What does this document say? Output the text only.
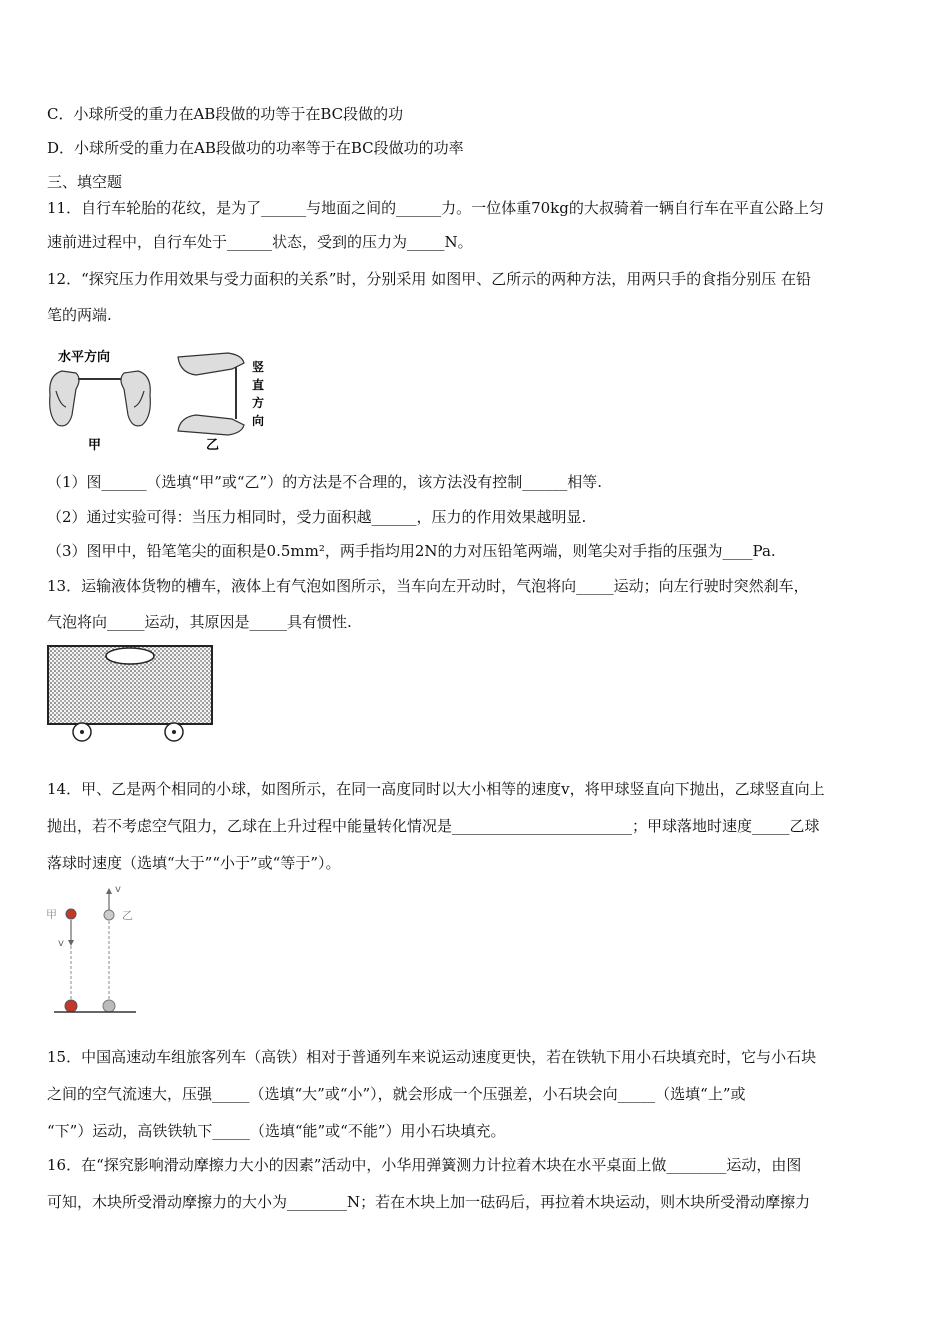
C．小球所受的重力在AB段做的功等于在BC段做的功
D．小球所受的重力在AB段做功的功率等于在BC段做功的功率
三、填空题
11．自行车轮胎的花纹，是为了______与地面之间的______力。一位体重70kg的大叔骑着一辆自行车在平直公路上匀
速前进过程中，自行车处于______状态，受到的压力为_____N。
12．“探究压力作用效果与受力面积的关系”时，分别采用 如图甲、乙所示的两种方法，用两只手的食指分别压 在铅
笔的两端.
水平方向
甲
竖
直
方
向
乙
（1）图______（选填“甲”或“乙”）的方法是不合理的，该方法没有控制______相等.
（2）通过实验可得：当压力相同时，受力面积越______，压力的作用效果越明显.
（3）图甲中，铅笔笔尖的面积是0.5mm²，两手指均用2N的力对压铅笔两端，则笔尖对手指的压强为____Pa.
13．运输液体货物的槽车，液体上有气泡如图所示，当车向左开动时，气泡将向_____运动；向左行驶时突然刹车，
气泡将向_____运动，其原因是_____具有惯性.
14．甲、乙是两个相同的小球，如图所示，在同一高度同时以大小相等的速度v，将甲球竖直向下抛出，乙球竖直向上
抛出，若不考虑空气阻力，乙球在上升过程中能量转化情况是________________________；甲球落地时速度_____乙球
落球时速度（选填“大于”“小于”或“等于”）。
甲
v
v
乙
15．中国高速动车组旅客列车（高铁）相对于普通列车来说运动速度更快，若在铁轨下用小石块填充时，它与小石块
之间的空气流速大，压强_____（选填“大”或“小”），就会形成一个压强差，小石块会向_____（选填“上”或
“下”）运动，高铁铁轨下_____（选填“能”或“不能”）用小石块填充。
16．在“探究影响滑动摩擦力大小的因素”活动中，小华用弹簧测力计拉着木块在水平桌面上做________运动，由图
可知，木块所受滑动摩擦力的大小为________N；若在木块上加一砝码后，再拉着木块运动，则木块所受滑动摩擦力
